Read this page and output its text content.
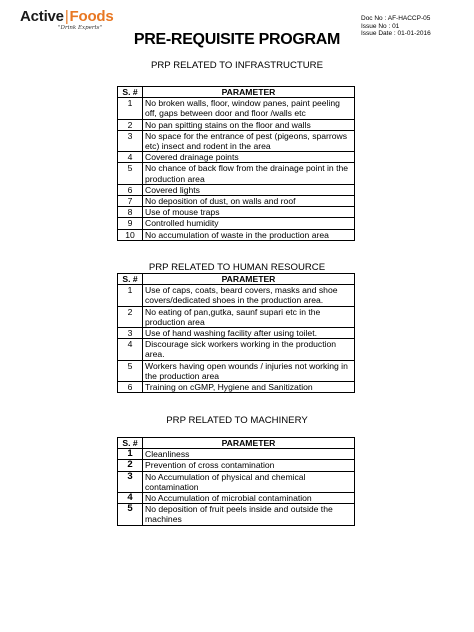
Active|Foods
"Drink Experts"
Doc No : AF-HACCP-05
Issue No : 01
Issue Date : 01-01-2016
PRE-REQUISITE PROGRAM
PRP RELATED TO INFRASTRUCTURE
S. #	PARAMETER
1	No broken walls, floor, window panes, paint peeling off, gaps between door and floor /walls etc
2	No pan spitting stains on the floor and walls
3	No space for the entrance of pest (pigeons, sparrows etc) insect and rodent in the area
4	Covered drainage points
5	No chance of back flow from the drainage point in the production area
6	Covered lights
7	No deposition of dust, on walls and roof
8	Use of mouse traps
9	Controlled humidity
10	No accumulation of waste in the production area
PRP RELATED TO HUMAN RESOURCE
S. #	PARAMETER
1	Use of caps, coats, beard covers, masks and shoe covers/dedicated shoes in the production area.
2	No eating of pan,gutka, saunf supari etc in the production area
3	Use of hand washing facility after using toilet.
4	Discourage sick workers working in the production area.
5	Workers having open wounds / injuries not working in the production area
6	Training on cGMP, Hygiene and Sanitization
PRP RELATED TO MACHINERY
S. #	PARAMETER
1	Cleanliness
2	Prevention of cross contamination
3	No Accumulation of physical and chemical contamination
4	No Accumulation of microbial contamination
5	No deposition of fruit peels inside and outside the machines
